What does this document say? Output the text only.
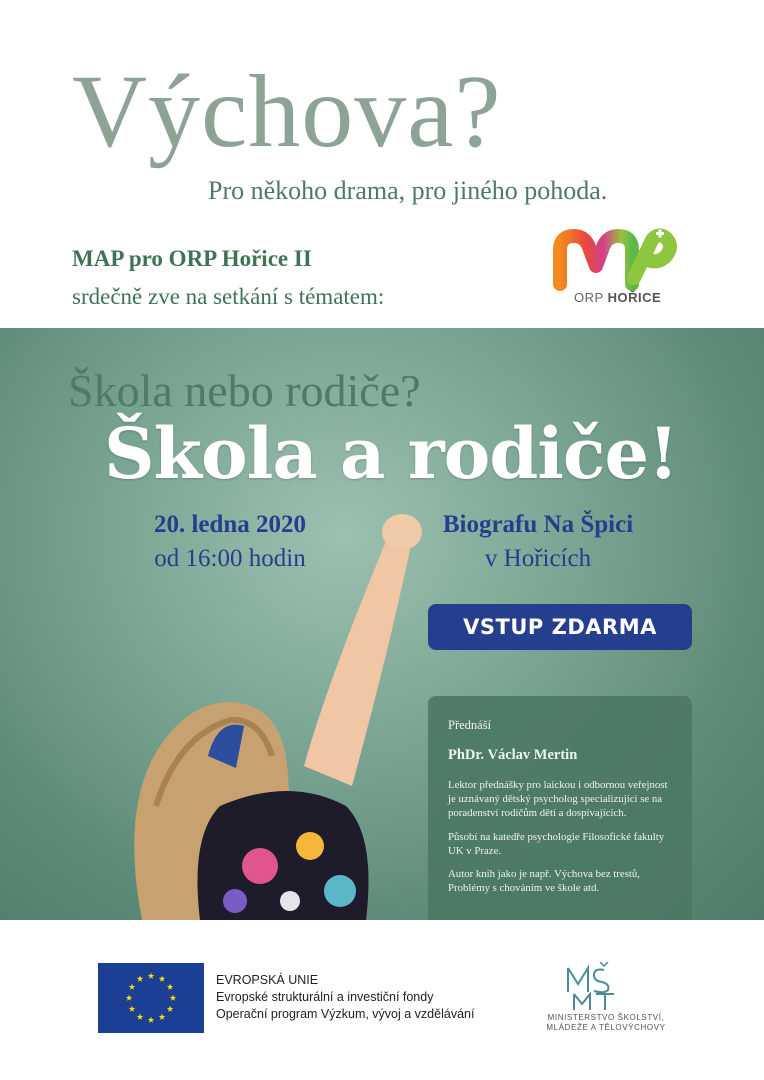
Výchova?
Pro někoho drama, pro jiného pohoda.
MAP pro ORP Hořice II
srdečně zve na setkání s tématem:	ORP HOŘICE
Škola nebo rodiče?
Škola a rodiče!
20. ledna 2020
od 16:00 hodin
Biografu Na Špici
v Hořicích
VSTUP ZDARMA
Přednáší
PhDr. Václav Mertin

Lektor přednášky pro laickou i odbornou veřejnost je uznávaný dětský psycholog specializující se na poradenství rodičům dětí a dospívajících.

Působí na katedře psychologie Filosofické fakulty UK v Praze.

Autor knih jako je např. Výchova bez trestů, Problémy s chováním ve škole atd.

EVROPSKÁ UNIE
Evropské strukturální a investiční fondy
Operační program Výzkum, vývoj a vzdělávání	MINISTERSTVO ŠKOLSTVÍ,
MLÁDEŽE A TĚLOVÝCHOVY
